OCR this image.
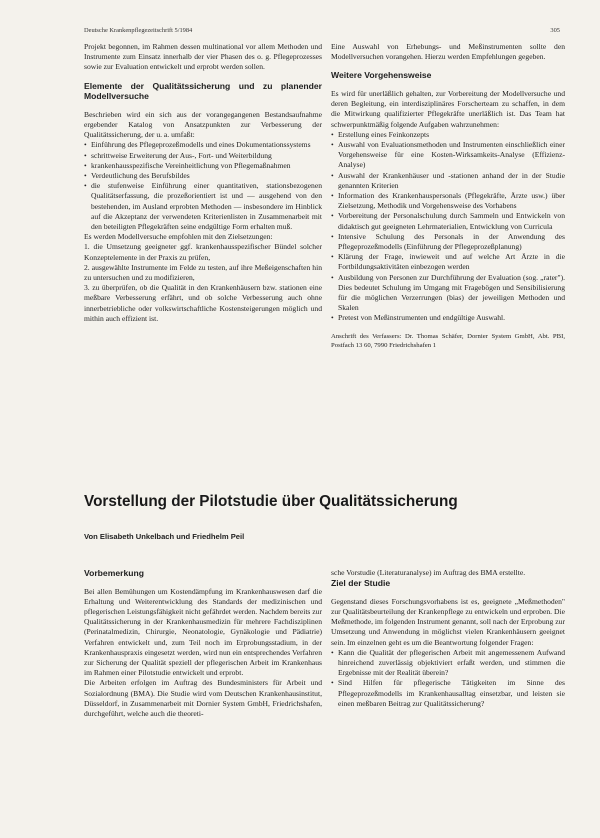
Deutsche Krankenpflegezeitschrift 5/1984	305

Projekt begonnen, im Rahmen dessen multinational vor allem Methoden und Instrumente zum Einsatz innerhalb der vier Phasen des o. g. Pflegeprozesses sowie zur Evaluation entwickelt und erprobt werden sollen.

Elemente der Qualitätssicherung und zu planender Modellversuche

Beschrieben wird ein sich aus der vorangegangenen Bestandsaufnahme ergebender Katalog von Ansatzpunkten zur Verbesserung der Qualitätssicherung, der u. a. umfaßt:

• Einführung des Pflegeprozeßmodells und eines Dokumentationssystems
• schrittweise Erweiterung der Aus-, Fort- und Weiterbildung
• krankenhausspezifische Vereinheitlichung von Pflegemaßnahmen
• Verdeutlichung des Berufsbildes
• die stufenweise Einführung einer quantitativen, stationsbezogenen Qualitätserfassung, die prozeßorientiert ist und — ausgehend von den bestehenden, im Ausland erprobten Methoden — insbesondere im Hinblick auf die Akzeptanz der verwendeten Kriterienlisten in Zusammenarbeit mit den beteiligten Pflegekräften seine endgültige Form erhalten muß.

Es werden Modellversuche empfohlen mit den Zielsetzungen:

1. die Umsetzung geeigneter ggf. krankenhausspezifischer Bündel solcher Konzeptelemente in der Praxis zu prüfen,

2. ausgewählte Instrumente im Felde zu testen, auf ihre Meßeigenschaften hin zu untersuchen und zu modifizieren,

3. zu überprüfen, ob die Qualität in den Krankenhäusern bzw. stationen eine meßbare Verbesserung erfährt, und ob solche Verbesserung auch ohne innerbetriebliche oder volkswirtschaftliche Kostensteigerungen möglich und mithin auch effizient ist.

Eine Auswahl von Erhebungs- und Meßinstrumenten sollte den Modellversuchen vorangehen. Hierzu werden Empfehlungen gegeben.

Weitere Vorgehensweise

Es wird für unerläßlich gehalten, zur Vorbereitung der Modellversuche und deren Begleitung, ein interdisziplinäres Forscherteam zu schaffen, in dem die Mitwirkung qualifizierter Pflegekräfte unerläßlich ist. Das Team hat schwerpunktmäßig folgende Aufgaben wahrzunehmen:

• Erstellung eines Feinkonzepts
• Auswahl von Evaluationsmethoden und Instrumenten einschließlich einer Vorgehensweise für eine Kosten-Wirksamkeits-Analyse (Effizienz-Analyse)
• Auswahl der Krankenhäuser und -stationen anhand der in der Studie genannten Kriterien
• Information des Krankenhauspersonals (Pflegekräfte, Ärzte usw.) über Zielsetzung, Methodik und Vorgehensweise des Vorhabens
• Vorbereitung der Personalschulung durch Sammeln und Entwickeln von didaktisch gut geeigneten Lehrmaterialien, Entwicklung von Curricula
• Intensive Schulung des Personals in der Anwendung des Pflegeprozeßmodells (Einführung der Pflegeprozeßplanung)
• Klärung der Frage, inwieweit und auf welche Art Ärzte in die Fortbildungsaktivitäten einbezogen werden
• Ausbildung von Personen zur Durchführung der Evaluation (sog. „rater"). Dies bedeutet Schulung im Umgang mit Fragebögen und Sensibilisierung für die möglichen Verzerrungen (bias) der jeweiligen Methoden und Skalen
• Pretest von Meßinstrumenten und endgültige Auswahl.

Anschrift des Verfassers: Dr. Thomas Schäfer, Dornier System GmbH, Abt. PBI, Postfach 13 60, 7990 Friedrichshafen 1

Vorstellung der Pilotstudie über Qualitätssicherung
Von Elisabeth Unkelbach und Friedhelm Peil
Vorbemerkung

Bei allen Bemühungen um Kostendämpfung im Krankenhauswesen darf die Erhaltung und Weiterentwicklung des Standards der medizinischen und pflegerischen Leistungsfähigkeit nicht gefährdet werden. Nachdem bereits zur Qualitätssicherung in der Krankenhausmedizin für mehrere Fachdisziplinen (Perinatalmedizin, Chirurgie, Neonatologie, Gynäkologie und Pädiatrie) Verfahren entwickelt und, zum Teil noch im Erprobungsstadium, in der Krankenhauspraxis eingesetzt werden, wird nun ein entsprechendes Verfahren zur Sicherung der Qualität speziell der pflegerischen Arbeit im Krankenhaus im Rahmen einer Pilotstudie entwickelt und erprobt.

Die Arbeiten erfolgen im Auftrag des Bundesministers für Arbeit und Sozialordnung (BMA). Die Studie wird vom Deutschen Krankenhausinstitut, Düsseldorf, in Zusammenarbeit mit Dornier System GmbH, Friedrichshafen, durchgeführt, welche auch die theoreti-

sche Vorstudie (Literaturanalyse) im Auftrag des BMA erstellte.

Ziel der Studie

Gegenstand dieses Forschungsvorhabens ist es, geeignete „Meßmethoden" zur Qualitätsbeurteilung der Krankenpflege zu entwickeln und erproben. Die Meßmethode, im folgenden Instrument genannt, soll nach der Erprobung zur Umsetzung und Anwendung in möglichst vielen Krankenhäusern geeignet sein. Im einzelnen geht es um die Beantwortung folgender Fragen:

• Kann die Qualität der pflegerischen Arbeit mit angemessenem Aufwand hinreichend zuverlässig objektiviert erfaßt werden, und stimmen die Ergebnisse mit der Realität überein?
• Sind Hilfen für pflegerische Tätigkeiten im Sinne des Pflegeprozeßmodells im Krankenhausalltag einsetzbar, und leisten sie einen meßbaren Beitrag zur Qualitätssicherung?
